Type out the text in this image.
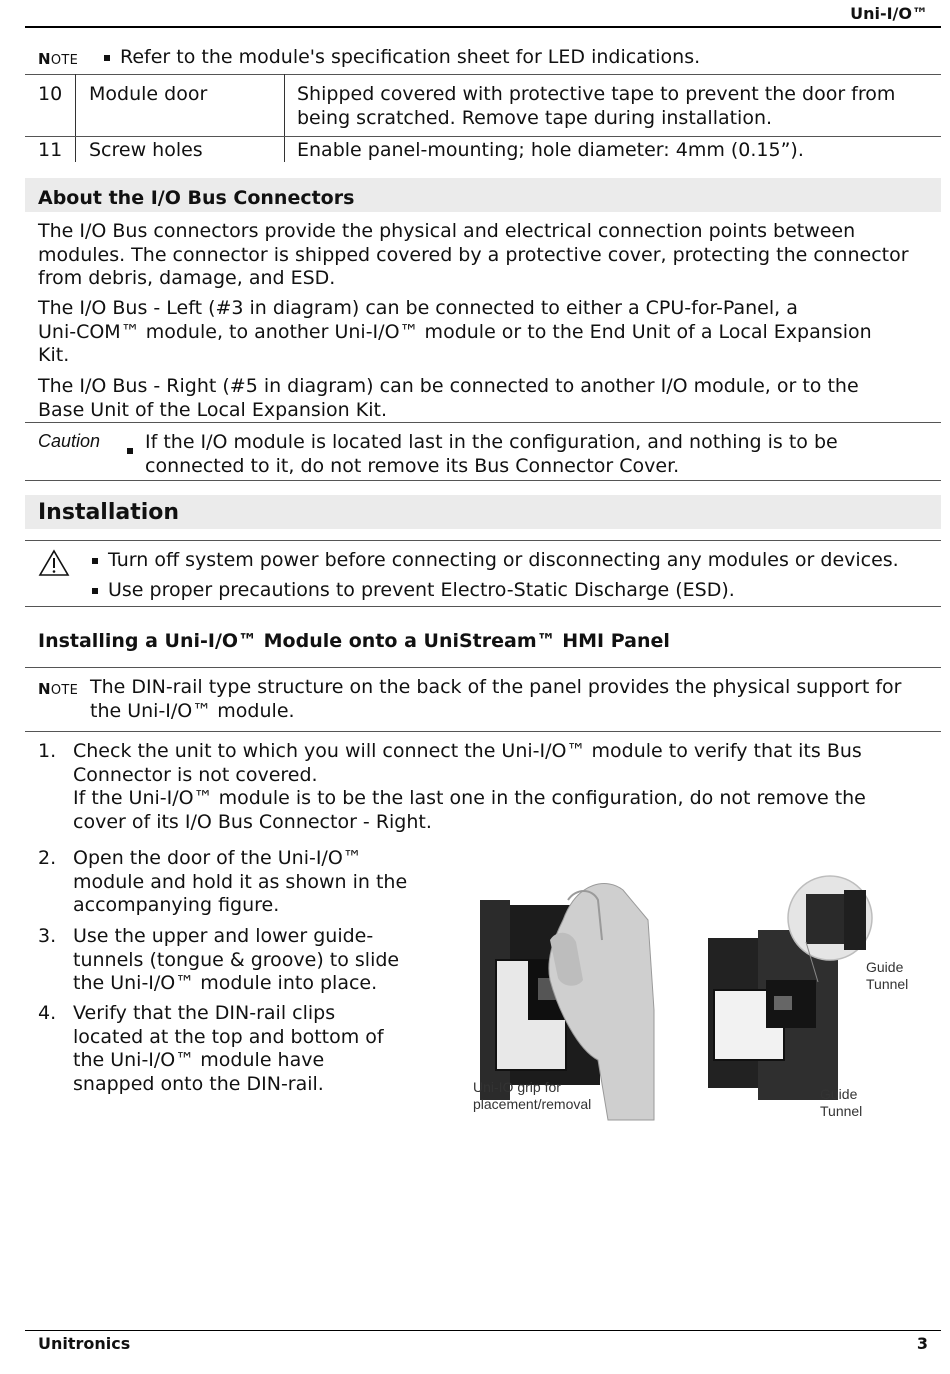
Uni-I/O™
NOTE	Refer to the module's specification sheet for LED indications.
10 Module door	Shipped covered with protective tape to prevent the door from
being scratched. Remove tape during installation.
11 Screw holes	Enable panel-mounting; hole diameter: 4mm (0.15”).
About the I/O Bus Connectors
The I/O Bus connectors provide the physical and electrical connection points between
modules. The connector is shipped covered by a protective cover, protecting the connector
from debris, damage, and ESD.
The I/O Bus - Left (#3 in diagram) can be connected to either a CPU-for-Panel, a
Uni-COM™ module, to another Uni-I/O™ module or to the End Unit of a Local Expansion
Kit.
The I/O Bus - Right (#5 in diagram) can be connected to another I/O module, or to the
Base Unit of the Local Expansion Kit.
Caution If the I/O module is located last in the configuration, and nothing is to be
connected to it, do not remove its Bus Connector Cover.
Installation
Turn off system power before connecting or disconnecting any modules or devices.
Use proper precautions to prevent Electro-Static Discharge (ESD).
Installing a Uni-I/O™ Module onto a UniStream™ HMI Panel
NOTE The DIN-rail type structure on the back of the panel provides the physical support for
the Uni-I/O™ module.
1. Check the unit to which you will connect the Uni-I/O™ module to verify that its Bus
Connector is not covered.
If the Uni-I/O™ module is to be the last one in the configuration, do not remove the
cover of its I/O Bus Connector - Right.
2. Open the door of the Uni-I/O™
module and hold it as shown in the
accompanying figure.
3. Use the upper and lower guide-
tunnels (tongue & groove) to slide
the Uni-I/O™ module into place.
4. Verify that the DIN-rail clips
located at the top and bottom of
the Uni-I/O™ module have
snapped onto the DIN-rail.	Uni-IO grip for
placement/removal
Guide
Tunnel
Guide
Tunnel
Unitronics	3
